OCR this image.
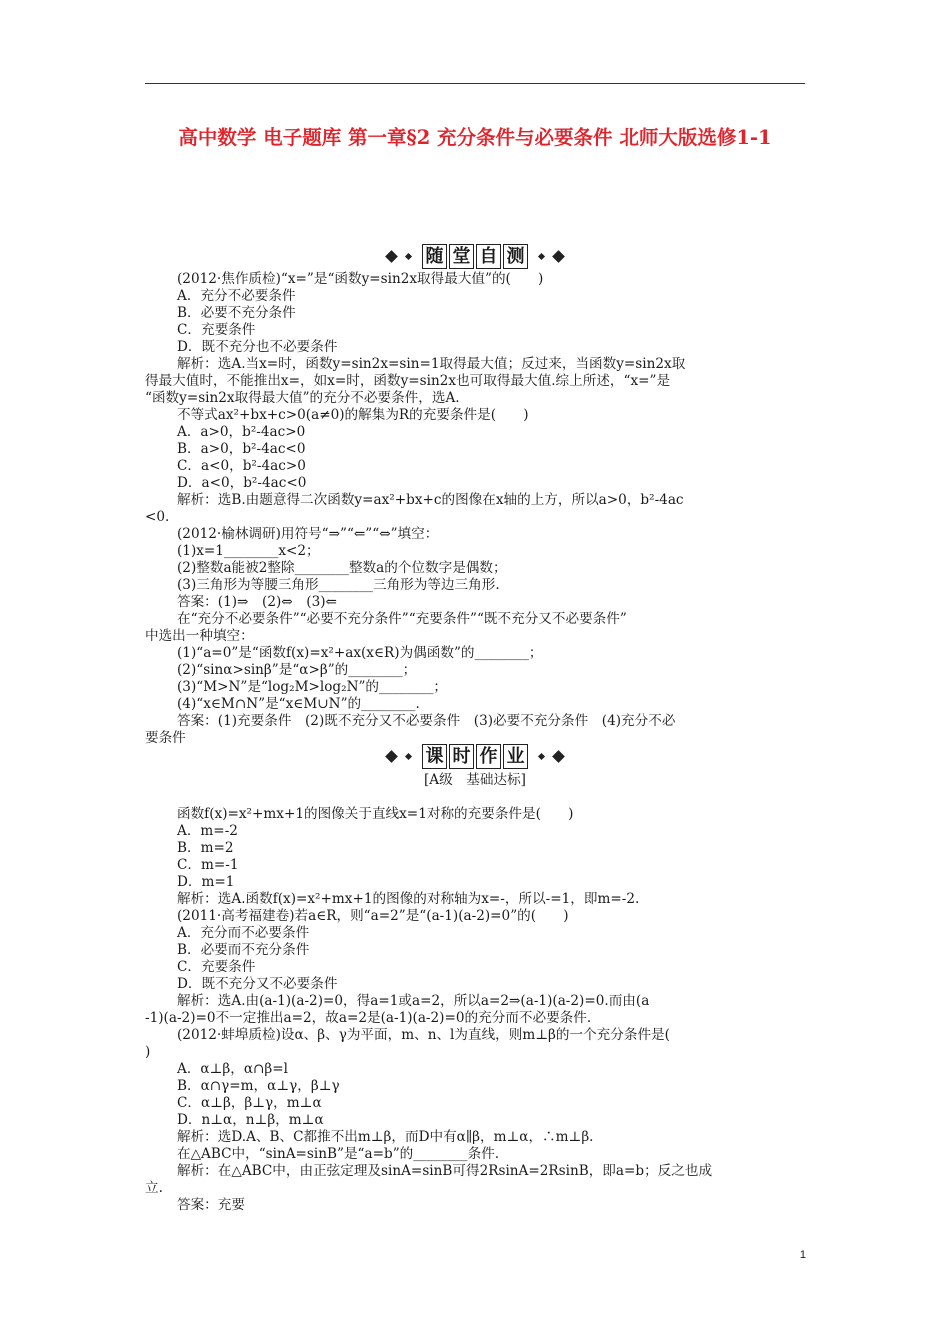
高中数学 电子题库 第一章§2 充分条件与必要条件 北师大版选修1-1
随 堂 自 测

(2012·焦作质检)“x=”是“函数y=sin2x取得最大值”的(　　)

A．充分不必要条件

B．必要不充分条件

C．充要条件

D．既不充分也不必要条件

解析：选A.当x=时，函数y=sin2x=sin=1取得最大值；反过来，当函数y=sin2x取

得最大值时，不能推出x=，如x=时，函数y=sin2x也可取得最大值.综上所述，“x=”是

“函数y=sin2x取得最大值”的充分不必要条件，选A.

不等式ax²+bx+c>0(a≠0)的解集为R的充要条件是(　　)

A．a>0，b²-4ac>0

B．a>0，b²-4ac<0

C．a<0，b²-4ac>0

D．a<0，b²-4ac<0

解析：选B.由题意得二次函数y=ax²+bx+c的图像在x轴的上方，所以a>0，b²-4ac

<0.

(2012·榆林调研)用符号“⇒”“⇐”“⇔”填空：

(1)x=1________x<2；

(2)整数a能被2整除________整数a的个位数字是偶数；

(3)三角形为等腰三角形________三角形为等边三角形.

答案：(1)⇒　(2)⇔　(3)⇐

在“充分不必要条件”“必要不充分条件”“充要条件”“既不充分又不必要条件”

中选出一种填空：

(1)“a=0”是“函数f(x)=x²+ax(x∈R)为偶函数”的________；

(2)“sinα>sinβ”是“α>β”的________；

(3)“M>N”是“log₂M>log₂N”的________；

(4)“x∈M∩N”是“x∈M∪N”的________.

答案：(1)充要条件　(2)既不充分又不必要条件　(3)必要不充分条件　(4)充分不必

要条件

课 时 作 业
[A级　基础达标]

函数f(x)=x²+mx+1的图像关于直线x=1对称的充要条件是(　　)

A．m=-2

B．m=2

C．m=-1

D．m=1

解析：选A.函数f(x)=x²+mx+1的图像的对称轴为x=-，所以-=1，即m=-2.

(2011·高考福建卷)若a∈R，则“a=2”是“(a-1)(a-2)=0”的(　　)

A．充分而不必要条件

B．必要而不充分条件

C．充要条件

D．既不充分又不必要条件

解析：选A.由(a-1)(a-2)=0，得a=1或a=2，所以a=2⇒(a-1)(a-2)=0.而由(a

-1)(a-2)=0不一定推出a=2，故a=2是(a-1)(a-2)=0的充分而不必要条件.

(2012·蚌埠质检)设α、β、γ为平面，m、n、l为直线，则m⊥β的一个充分条件是(

)

A．α⊥β，α∩β=l

B．α∩γ=m，α⊥γ，β⊥γ

C．α⊥β，β⊥γ，m⊥α

D．n⊥α，n⊥β，m⊥α

解析：选D.A、B、C都推不出m⊥β，而D中有α∥β，m⊥α，∴m⊥β.

在△ABC中，“sinA=sinB”是“a=b”的________条件.

解析：在△ABC中，由正弦定理及sinA=sinB可得2RsinA=2RsinB，即a=b；反之也成

立.

答案：充要

1
